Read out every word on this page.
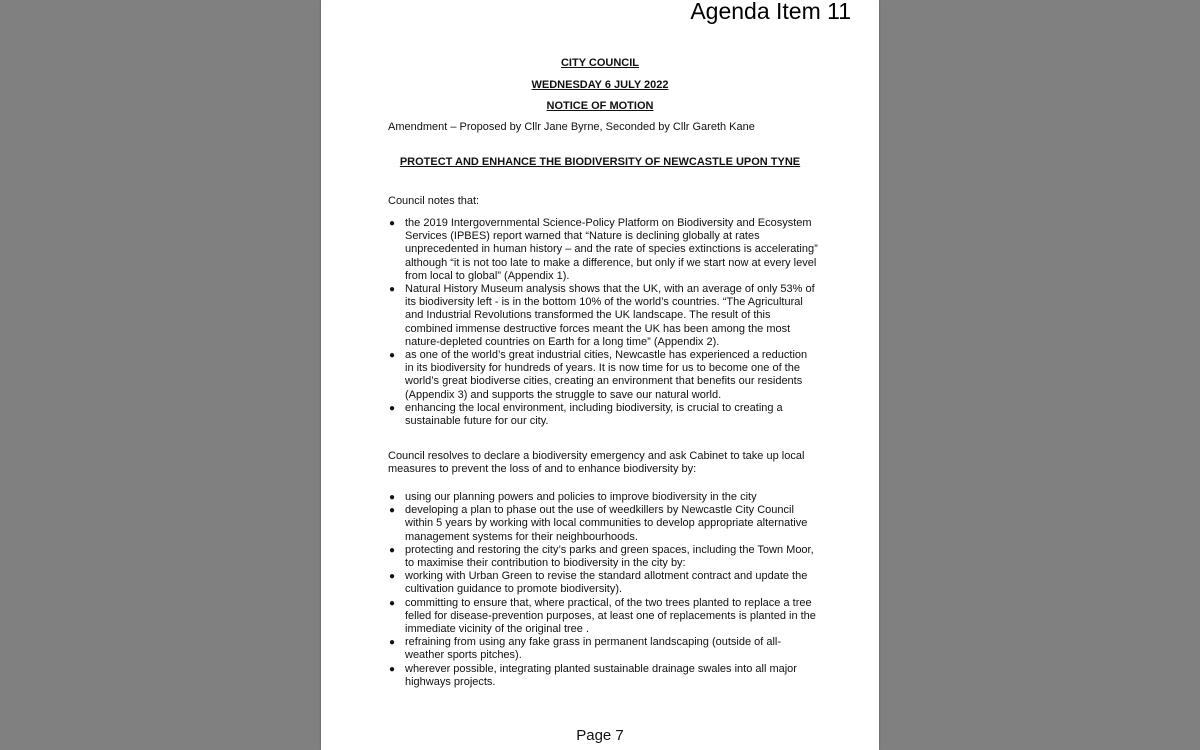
Agenda Item 11
CITY COUNCIL
WEDNESDAY 6 JULY 2022
NOTICE OF MOTION
Amendment – Proposed by Cllr Jane Byrne, Seconded by Cllr Gareth Kane
PROTECT AND ENHANCE THE BIODIVERSITY OF NEWCASTLE UPON TYNE
Council notes that:
● the 2019 Intergovernmental Science-Policy Platform on Biodiversity and Ecosystem Services (IPBES) report warned that “Nature is declining globally at rates unprecedented in human history – and the rate of species extinctions is accelerating” although “it is not too late to make a difference, but only if we start now at every level from local to global” (Appendix 1).
● Natural History Museum analysis shows that the UK, with an average of only 53% of its biodiversity left - is in the bottom 10% of the world’s countries. “The Agricultural and Industrial Revolutions transformed the UK landscape. The result of this combined immense destructive forces meant the UK has been among the most nature-depleted countries on Earth for a long time” (Appendix 2).
● as one of the world’s great industrial cities, Newcastle has experienced a reduction in its biodiversity for hundreds of years. It is now time for us to become one of the world’s great biodiverse cities, creating an environment that benefits our residents (Appendix 3) and supports the struggle to save our natural world.
● enhancing the local environment, including biodiversity, is crucial to creating a sustainable future for our city.
Council resolves to declare a biodiversity emergency and ask Cabinet to take up local measures to prevent the loss of and to enhance biodiversity by:
● using our planning powers and policies to improve biodiversity in the city
● developing a plan to phase out the use of weedkillers by Newcastle City Council within 5 years by working with local communities to develop appropriate alternative management systems for their neighbourhoods.
● protecting and restoring the city’s parks and green spaces, including the Town Moor, to maximise their contribution to biodiversity in the city by:
● working with Urban Green to revise the standard allotment contract and update the cultivation guidance to promote biodiversity).
● committing to ensure that, where practical, of the two trees planted to replace a tree felled for disease-prevention purposes, at least one of replacements is planted in the immediate vicinity of the original tree .
● refraining from using any fake grass in permanent landscaping (outside of all-weather sports pitches).
● wherever possible, integrating planted sustainable drainage swales into all major highways projects.
Page 7
